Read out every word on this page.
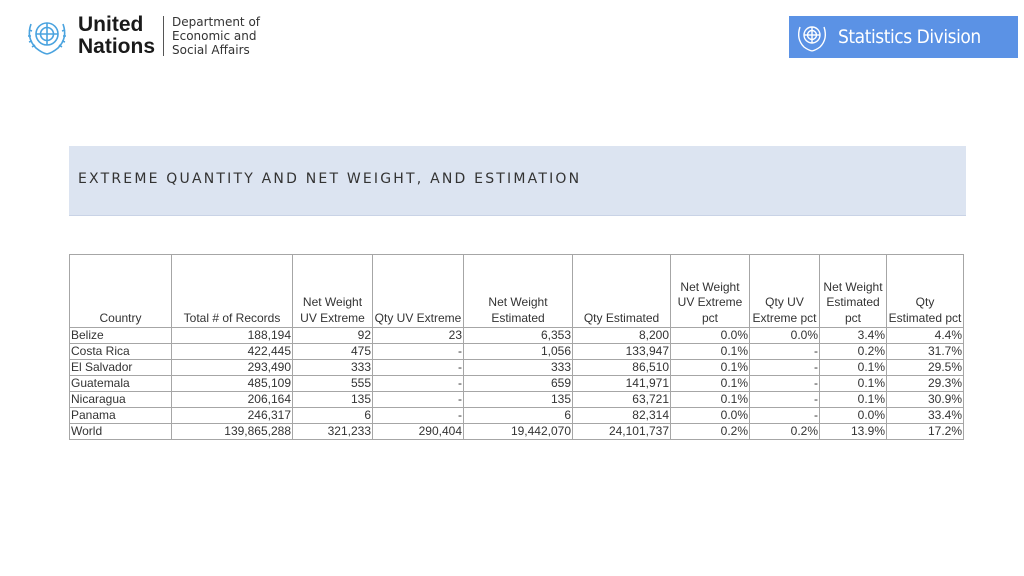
United
Nations
Department of
Economic and
Social Affairs
Statistics Division
EXTREME QUANTITY AND NET WEIGHT, AND ESTIMATION
Country	Total # of Records	Net Weight UV Extreme	Qty UV Extreme	Net Weight Estimated	Qty Estimated	Net Weight UV Extreme pct	Qty UV Extreme pct	Net Weight Estimated pct	Qty Estimated pct
Belize	188,194	92	23	6,353	8,200	0.0%	0.0%	3.4%	4.4%
Costa Rica	422,445	475	-	1,056	133,947	0.1%	-	0.2%	31.7%
El Salvador	293,490	333	-	333	86,510	0.1%	-	0.1%	29.5%
Guatemala	485,109	555	-	659	141,971	0.1%	-	0.1%	29.3%
Nicaragua	206,164	135	-	135	63,721	0.1%	-	0.1%	30.9%
Panama	246,317	6	-	6	82,314	0.0%	-	0.0%	33.4%
World	139,865,288	321,233	290,404	19,442,070	24,101,737	0.2%	0.2%	13.9%	17.2%
